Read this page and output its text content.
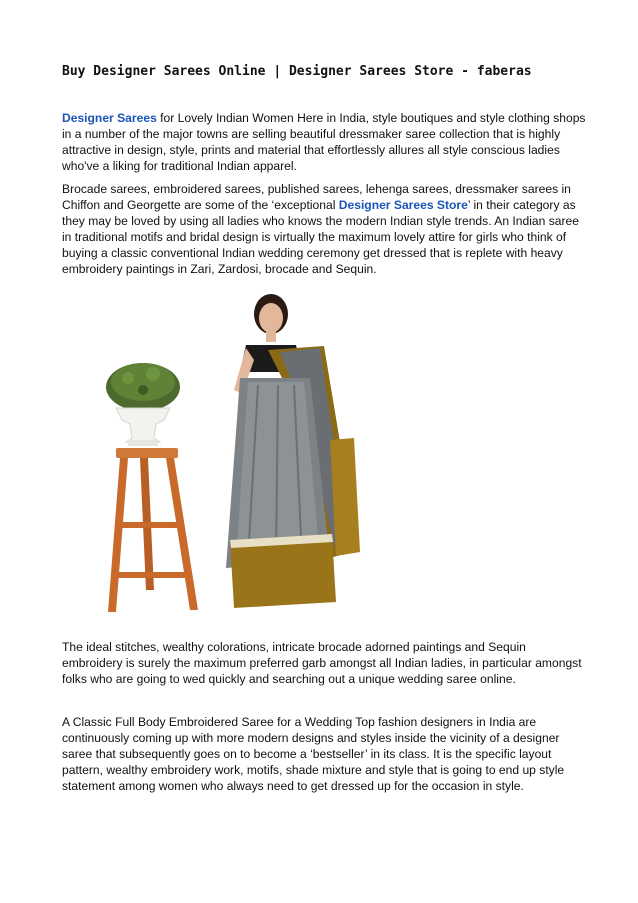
Buy Designer Sarees Online | Designer Sarees Store - faberas

Designer Sarees for Lovely Indian Women Here in India, style boutiques and style clothing shops in a number of the major towns are selling beautiful dressmaker saree collection that is highly attractive in design, style, prints and material that effortlessly allures all style conscious ladies who've a liking for traditional Indian apparel.

Brocade sarees, embroidered sarees, published sarees, lehenga sarees, dressmaker sarees in Chiffon and Georgette are some of the ‘exceptional Designer Sarees Store’ in their category as they may be loved by using all ladies who knows the modern Indian style trends. An Indian saree in traditional motifs and bridal design is virtually the maximum lovely attire for girls who think of buying a classic conventional Indian wedding ceremony get dressed that is replete with heavy embroidery paintings in Zari, Zardosi, brocade and Sequin.

The ideal stitches, wealthy colorations, intricate brocade adorned paintings and Sequin embroidery is surely the maximum preferred garb amongst all Indian ladies, in particular amongst folks who are going to wed quickly and searching out a unique wedding saree online.

A Classic Full Body Embroidered Saree for a Wedding Top fashion designers in India are continuously coming up with more modern designs and styles inside the vicinity of a designer saree that subsequently goes on to become a ‘bestseller’ in its class. It is the specific layout pattern, wealthy embroidery work, motifs, shade mixture and style that is going to end up style statement among women who always need to get dressed up for the occasion in style.
